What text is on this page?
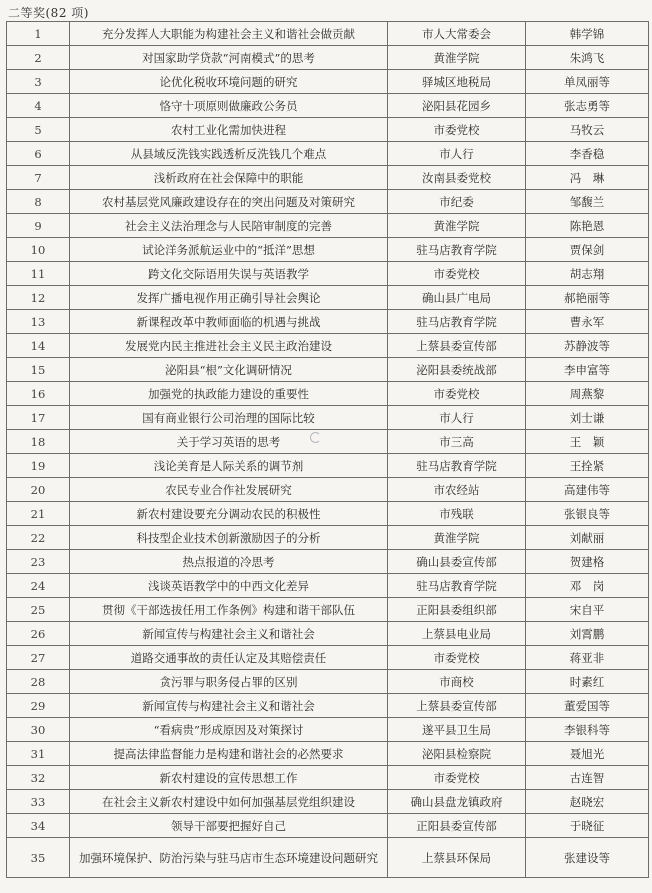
二等奖(82 项)
1	充分发挥人大职能为构建社会主义和谐社会做贡献	市人大常委会	韩学锦
2	对国家助学贷款“河南模式”的思考	黄淮学院	朱鸿飞
3	论优化税收环境问题的研究	驿城区地税局	单凤丽等
4	恪守十项原则做廉政公务员	泌阳县花园乡	张志勇等
5	农村工业化需加快进程	市委党校	马牧云
6	从县域反洗钱实践透析反洗钱几个难点	市人行	李香稳
7	浅析政府在社会保障中的职能	汝南县委党校	冯　琳
8	农村基层党风廉政建设存在的突出问题及对策研究	市纪委	邹馥兰
9	社会主义法治理念与人民陪审制度的完善	黄淮学院	陈艳恩
10	试论洋务派航运业中的“抵洋”思想	驻马店教育学院	贾保剑
11	跨文化交际语用失误与英语教学	市委党校	胡志翔
12	发挥广播电视作用正确引导社会舆论	确山县广电局	郝艳丽等
13	新课程改革中教师面临的机遇与挑战	驻马店教育学院	曹永军
14	发展党内民主推进社会主义民主政治建设	上蔡县委宣传部	苏静波等
15	泌阳县“根”文化调研情况	泌阳县委统战部	李申富等
16	加强党的执政能力建设的重要性	市委党校	周燕黎
17	国有商业银行公司治理的国际比较	市人行	刘士谦
18	关于学习英语的思考	市三高	王　颖
19	浅论美育是人际关系的调节剂	驻马店教育学院	王拴紧
20	农民专业合作社发展研究	市农经站	高建伟等
21	新农村建设要充分调动农民的积极性	市残联	张银良等
22	科技型企业技术创新激励因子的分析	黄淮学院	刘献丽
23	热点报道的冷思考	确山县委宣传部	贺建格
24	浅谈英语教学中的中西文化差异	驻马店教育学院	邓　岗
25	贯彻《干部选拔任用工作条例》构建和谐干部队伍	正阳县委组织部	宋自平
26	新闻宣传与构建社会主义和谐社会	上蔡县电业局	刘霄鹏
27	道路交通事故的责任认定及其赔偿责任	市委党校	蒋亚非
28	贪污罪与职务侵占罪的区别	市商校	时素红
29	新闻宣传与构建社会主义和谐社会	上蔡县委宣传部	董爱国等
30	“看病贵”形成原因及对策探讨	遂平县卫生局	李银科等
31	提高法律监督能力是构建和谐社会的必然要求	泌阳县检察院	聂旭光
32	新农村建设的宣传思想工作	市委党校	古连智
33	在社会主义新农村建设中如何加强基层党组织建设	确山县盘龙镇政府	赵晓宏
34	领导干部要把握好自己	正阳县委宣传部	于晓征
35	加强环境保护、防治污染与驻马店市生态环境建设问题研究	上蔡县环保局	张建设等
